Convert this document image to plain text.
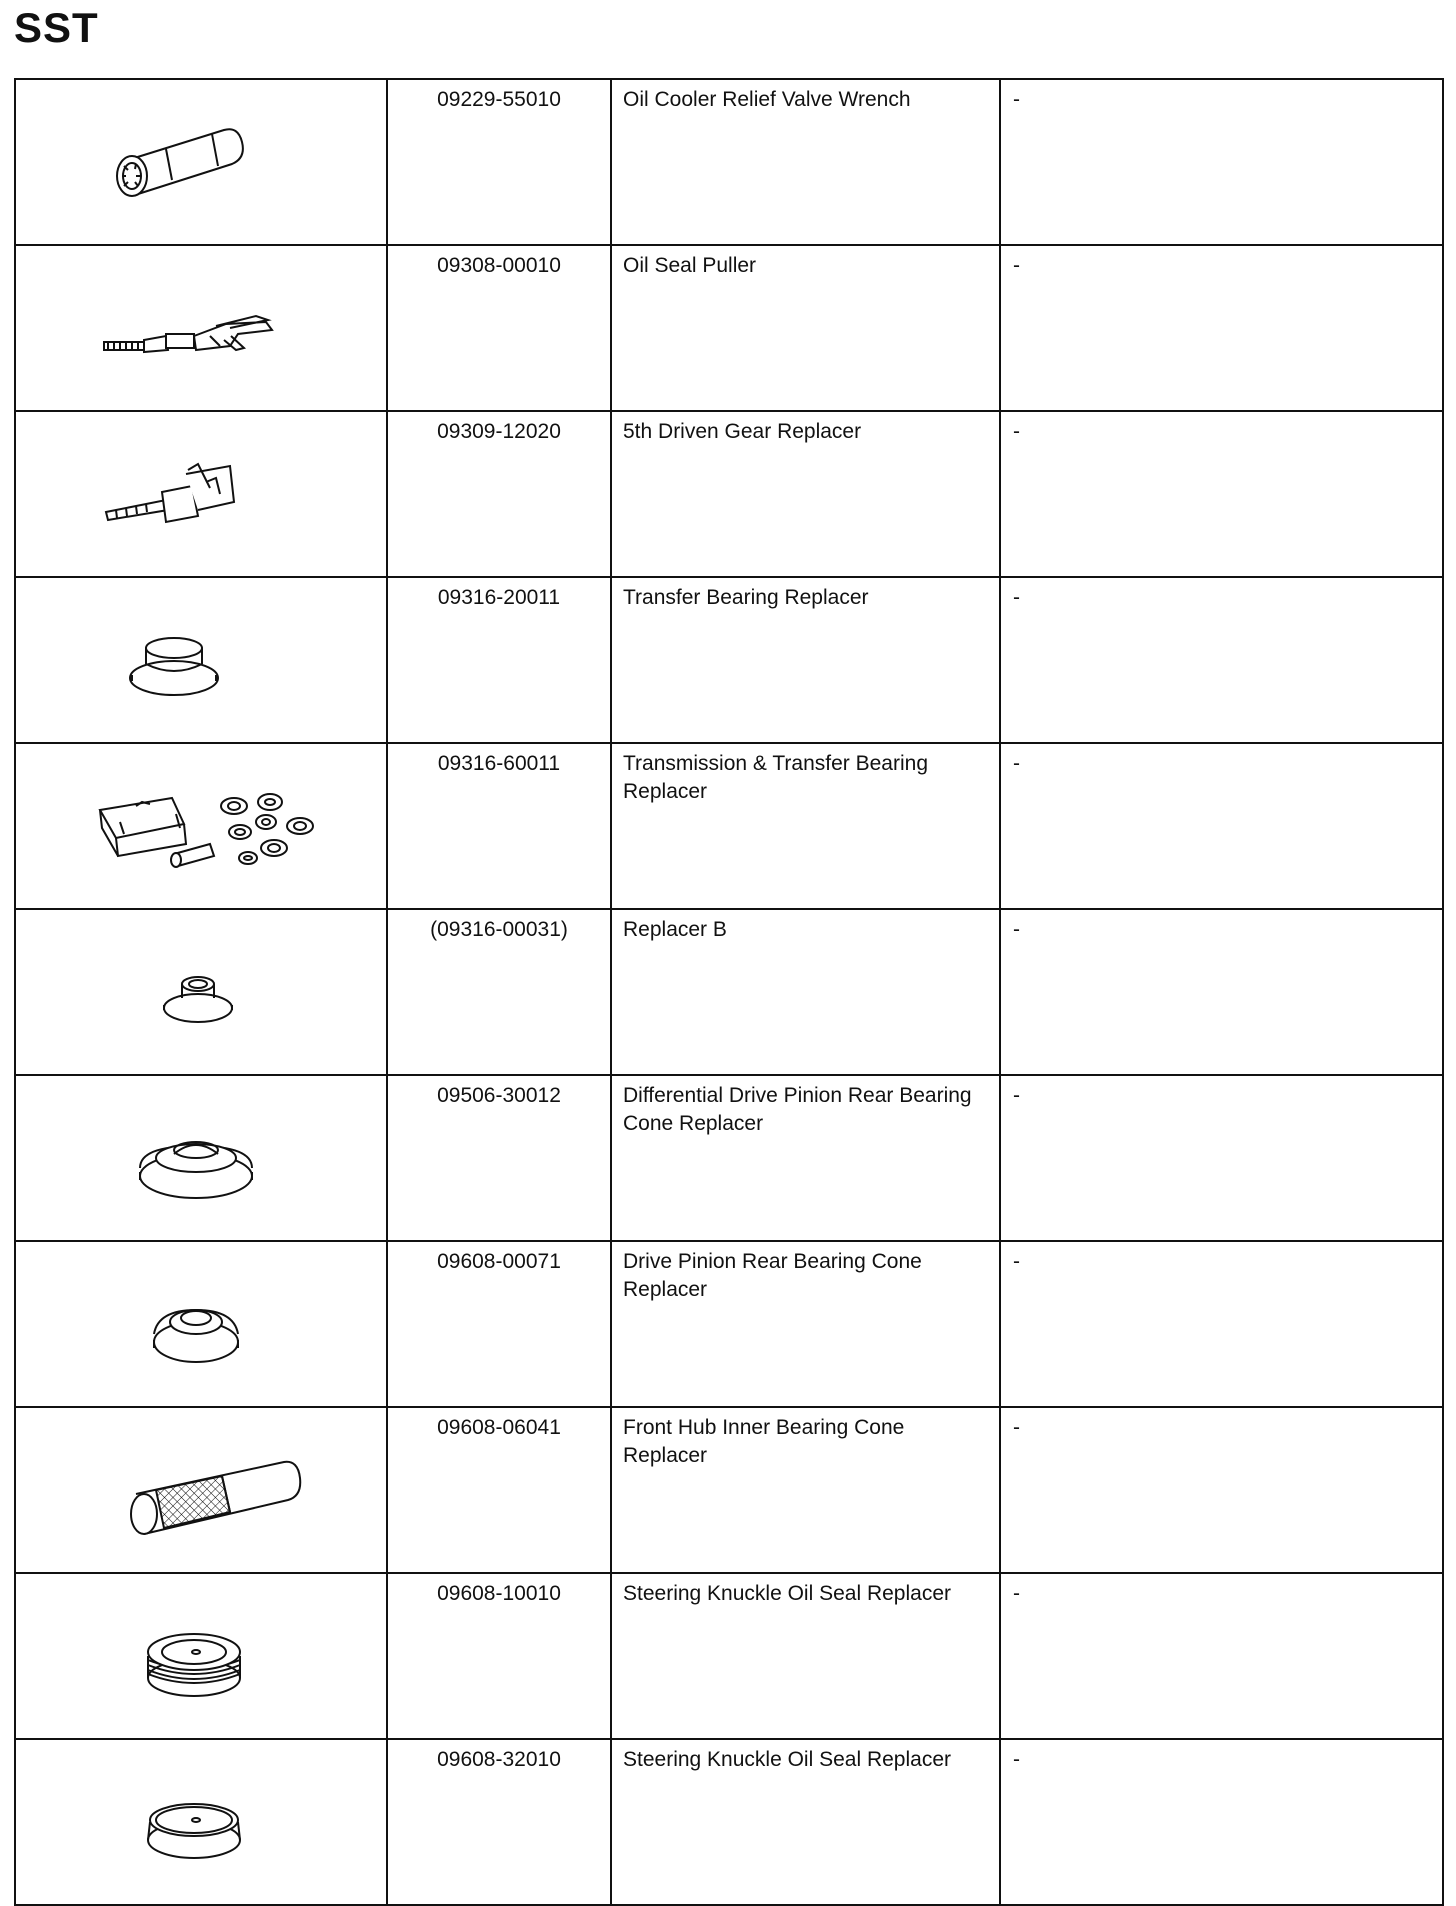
SST
	09229-55010	Oil Cooler Relief Valve Wrench	-

	09308-00010	Oil Seal Puller	-

	09309-12020	5th Driven Gear Replacer	-

	09316-20011	Transfer Bearing Replacer	-

	09316-60011	Transmission & Transfer Bearing Replacer	-

	(09316-00031)	Replacer B	-

	09506-30012	Differential Drive Pinion Rear Bearing Cone Replacer	-

	09608-00071	Drive Pinion Rear Bearing Cone Replacer	-

	09608-06041	Front Hub Inner Bearing Cone Replacer	-

	09608-10010	Steering Knuckle Oil Seal Replacer	-

	09608-32010	Steering Knuckle Oil Seal Replacer	-
